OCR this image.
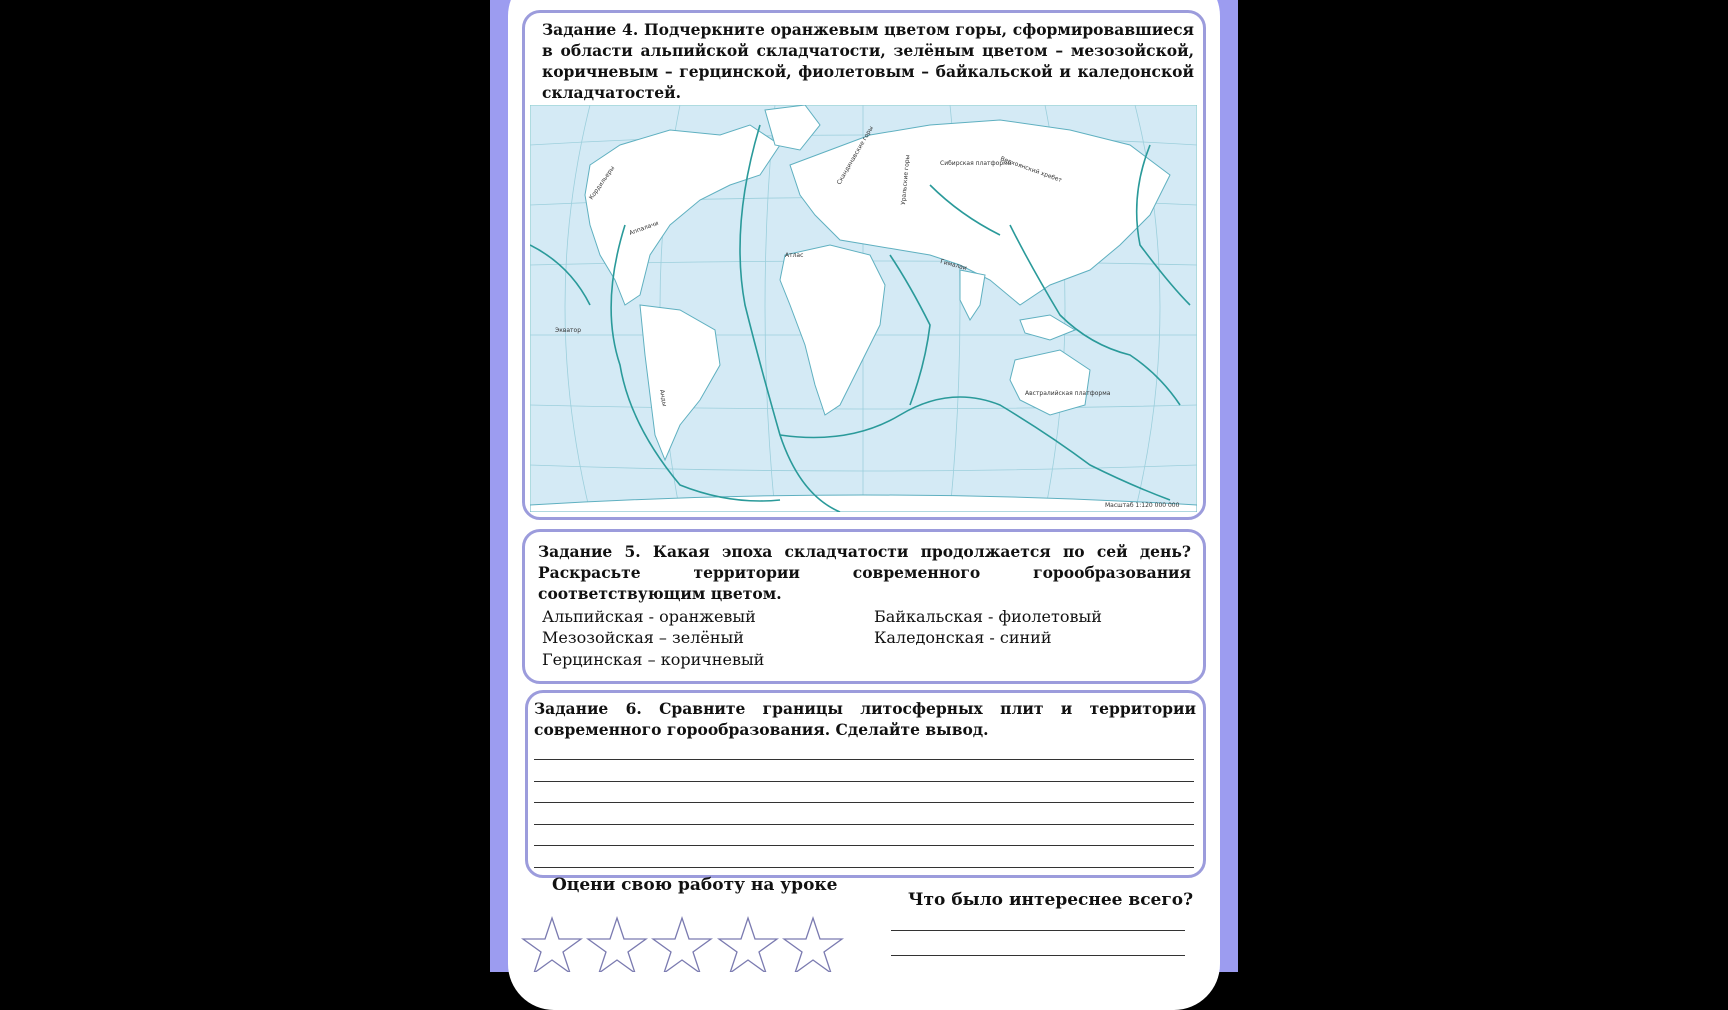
Задание 4. Подчеркните оранжевым цветом горы, сформировавшиеся в области альпийской складчатости, зелёным цветом – мезозойской, коричневым – герцинской, фиолетовым – байкальской и каледонской складчатостей.
Кордильеры
Аппалачи
Скандинавские горы	Уральские горы	Сибирская платформа
Верхоянский хребет
Атлас
Гималаи
Анды	Австралийская платформа
Экватор
Масштаб 1:120 000 000
Задание 5. Какая эпоха складчатости продолжается по сей день? Раскрасьте территории современного горообразования соответствующим цветом.
Альпийская - оранжевый
Мезозойская – зелёный
Герцинская – коричневый
Байкальская - фиолетовый
Каледонская - синий
Задание 6. Сравните границы литосферных плит и территории современного горообразования. Сделайте вывод.
Оцени свою работу на уроке
Что было интереснее всего?
